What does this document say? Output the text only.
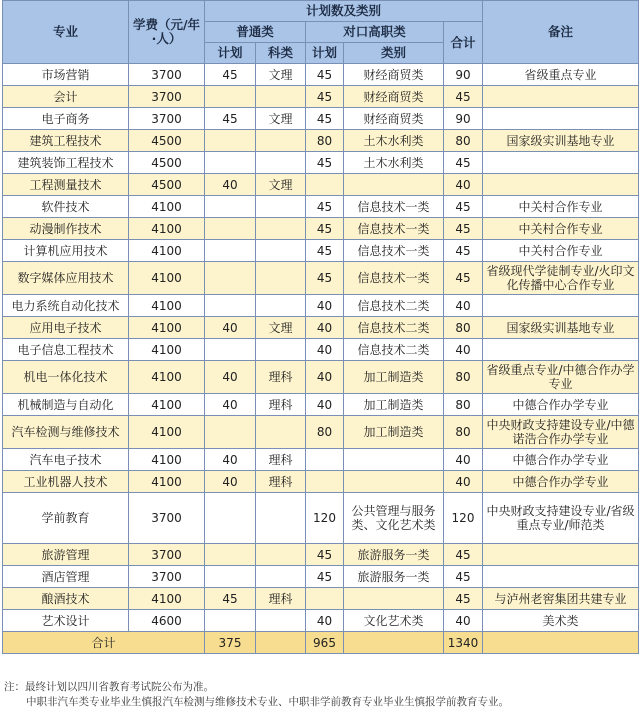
专业	学费（元/年·人）	计划数及类别					备注
		普通类		对口高职类		合计	
		计划	科类	计划	类别		
市场营销	3700	45	文理	45	财经商贸类	90	省级重点专业
会计	3700			45	财经商贸类	45	
电子商务	3700	45	文理	45	财经商贸类	90	
建筑工程技术	4500			80	土木水利类	80	国家级实训基地专业
建筑装饰工程技术	4500			45	土木水利类	45	
工程测量技术	4500	40	文理			40	
软件技术	4100			45	信息技术一类	45	中关村合作专业
动漫制作技术	4100			45	信息技术一类	45	中关村合作专业
计算机应用技术	4100			45	信息技术一类	45	中关村合作专业
数字媒体应用技术	4100			45	信息技术一类	45	省级现代学徒制专业/火印文化传播中心合作专业
电力系统自动化技术	4100			40	信息技术二类	40	
应用电子技术	4100	40	文理	40	信息技术二类	80	国家级实训基地专业
电子信息工程技术	4100			40	信息技术二类	40	
机电一体化技术	4100	40	理科	40	加工制造类	80	省级重点专业/中德合作办学专业
机械制造与自动化	4100	40	理科	40	加工制造类	80	中德合作办学专业
汽车检测与维修技术	4100			80	加工制造类	80	中央财政支持建设专业/中德诺浩合作办学专业
汽车电子技术	4100	40	理科			40	中德合作办学专业
工业机器人技术	4100	40	理科			40	中德合作办学专业
学前教育	3700			120	公共管理与服务类、文化艺术类	120	中央财政支持建设专业/省级重点专业/师范类
旅游管理	3700			45	旅游服务一类	45	
酒店管理	3700			45	旅游服务一类	45	
酿酒技术	4100	45	理科			45	与泸州老窖集团共建专业
艺术设计	4600			40	文化艺术类	40	美术类
合计		375		965		1340	
注：最终计划以四川省教育考试院公布为准。
中职非汽车类专业毕业生慎报汽车检测与维修技术专业、中职非学前教育专业毕业生慎报学前教育专业。
